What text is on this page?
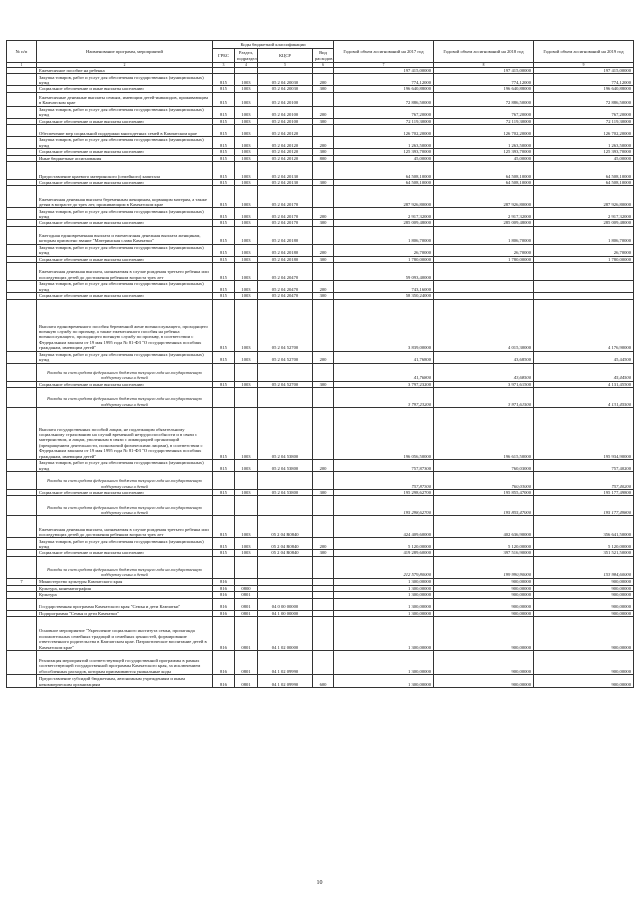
№ п/п	Наименование программ, мероприятий	Коды бюджетной классификации				Годовой объем ассигнований на 2017 год	Годовой объем ассигнований на 2018 год	Годовой объем ассигнований на 2019 год
		ГРБС	Раздел, подраздел	КЦСР	Вид расходов			
1	2	3	4	5	6	7	8	9
	Ежемесячное пособие на ребенка					197 415,00000	197 415,00000	197 415,00000
	Закупка товаров, работ и услуг для обеспечения государственных (муниципальных) нужд	815	1003	05 2 04 20030	200	774,12000	774,12000	774,12000
	Социальное обеспечение и иные выплаты населению	815	1003	05 2 04 20030	300	196 640,88000	196 640,88000	196 640,88000
	Ежемесячные денежные выплаты семьям, имеющим детей-инвалидов, проживающим в Камчатском крае	815	1003	05 2 04 20100		72 886,50000	72 886,50000	72 886,50000
	Закупка товаров, работ и услуг для обеспечения государственных (муниципальных) нужд	815	1003	05 2 04 20100	200	767,20000	767,20000	767,20000
	Социальное обеспечение и иные выплаты населению	815	1003	05 2 04 20100	300	72 119,30000	72 119,30000	72 119,30000
	Обеспечение мер социальной поддержки многодетных семей в Камчатском крае	815	1003	05 2 04 20120		126 702,20000	126 702,20000	126 702,20000
	Закупка товаров, работ и услуг для обеспечения государственных (муниципальных) нужд	815	1003	05 2 04 20120	200	1 263,50000	1 263,50000	1 263,50000
	Социальное обеспечение и иные выплаты населению	815	1003	05 2 04 20120	300	125 393,70000	125 393,70000	125 393,70000
	Иные бюджетные ассигнования	815	1003	05 2 04 20120	800	45,00000	45,00000	45,00000
	Предоставление краевого материнского (семейного) капитала	815	1003	05 2 04 20130		64 508,10000	64 508,10000	64 508,10000
	Социальное обеспечение и иные выплаты населению	815	1003	05 2 04 20130	300	64 508,10000	64 508,10000	64 508,10000
	Ежемесячная денежная выплата беременным женщинам, кормящим матерям, а также детям в возрасте до трех лет, проживающим в Камчатском крае	815	1003	05 2 04 20170		287 926,80000	287 926,80000	287 926,80000
	Закупка товаров, работ и услуг для обеспечения государственных (муниципальных) нужд	815	1003	05 2 04 20170	200	2 917,32000	2 917,32000	2 917,32000
	Социальное обеспечение и иные выплаты населению	815	1003	05 2 04 20170	300	285 009,48000	285 009,48000	285 009,48000
	Ежегодная единовременная выплата и ежемесячная денежная выплата женщинам, которым присвоено звание "Материнская слава Камчатки"	815	1003	05 2 04 20180		1 806,70000	1 806,70000	1 806,70000
	Закупка товаров, работ и услуг для обеспечения государственных (муниципальных) нужд	815	1003	05 2 04 20180	200	26,70000	26,70000	26,70000
	Социальное обеспечение и иные выплаты населению	815	1003	05 2 04 20180	300	1 780,00000	1 780,00000	1 780,00000
	Ежемесячная денежная выплата, назначаемая в случае рождения третьего ребенка или последующих детей до достижения ребенком возраста трех лет	815	1003	05 2 04 20470		59 093,40000		
	Закупка товаров, работ и услуг для обеспечения государственных (муниципальных) нужд	815	1003	05 2 04 20470	200	743,16000		
	Социальное обеспечение и иные выплаты населению	815	1003	05 2 04 20470	300	58 350,24000		
	Выплата единовременного пособия беременной жене военнослужащего, проходящего военную службу по призыву, а также ежемесячного пособия на ребенка военнослужащего, проходящего военную службу по призыву, в соответствии с Федеральным законом от 19 мая 1995 года № 81-ФЗ "О государственных пособиях гражданам, имеющим детей"	815	1003	05 2 04 52700		3 839,00000	4 015,30000	4 176,90000
	Закупка товаров, работ и услуг для обеспечения государственных (муниципальных) нужд	815	1003	05 2 04 52700	200	41,76800	43,68500	45,44500
	Расходы за счет средств федерального бюджета текущего года на государственную поддержку семьи и детей					41,76800	43,68500	45,44500
	Социальное обеспечение и иные выплаты населению	815	1003	05 2 04 52700	300	3 797,23200	3 971,61500	4 131,45500
	Расходы за счет средств федерального бюджета текущего года на государственную поддержку семьи и детей					3 797,23200	3 971,61500	4 131,45500
	Выплата государственных пособий лицам, не подлежащим обязательному социальному страхованию на случай временной нетрудоспособности и в связи с материнством, и лицам, уволенным в связи с ликвидацией организаций (прекращением деятельности, полномочий физическими лицами), в соответствии с Федеральным законом от 19 мая 1995 года № 81-ФЗ "О государственных пособиях гражданам, имеющим детей"	815	1003	05 2 04 53800		196 056,50000	196 615,50000	195 934,90000
	Закупка товаров, работ и услуг для обеспечения государственных (муниципальных) нужд	815	1003	05 2 04 53800	200	757,87300	760,03000	757,40200
	Расходы за счет средств федерального бюджета текущего года на государственную поддержку семьи и детей					757,87300	760,03000	757,40200
	Социальное обеспечение и иные выплаты населению	815	1003	05 2 04 53800	300	195 298,62700	195 855,47000	195 177,49800
	Расходы за счет средств федерального бюджета текущего года на государственную поддержку семьи и детей					195 298,62700	195 855,47000	195 177,49800
	Ежемесячная денежная выплата, назначаемая в случае рождения третьего ребенка или последующих детей до достижения ребенком возраста трех лет	815	1003	05 2 04 R0840		424 409,60000	402 636,90000	356 641,50000
	Закупка товаров, работ и услуг для обеспечения государственных (муниципальных) нужд	815	1003	05 2 04 R0840	200	5 120,00000	5 120,00000	5 120,00000
	Социальное обеспечение и иные выплаты населению	815	1003	05 2 04 R0840	300	419 289,60000	397 516,90000	351 521,50000
	Расходы за счет средств федерального бюджета текущего года на государственную поддержку семьи и детей					212 579,80000	199 990,90000	153 984,60000
7	Министерство культуры Камчатского края	816				1 300,00000	900,00000	900,00000
	Культура, кинематография	816	0800			1 300,00000	900,00000	900,00000
	Культура	816	0801			1 300,00000	900,00000	900,00000
	Государственная программа Камчатского края "Семья и дети Камчатки"	816	0801	04 0 00 00000		1 300,00000	900,00000	900,00000
	Подпрограмма "Семья и дети Камчатки"	816	0801	04 1 00 00000		1 300,00000	900,00000	900,00000
	Основное мероприятие "Укрепление социального института семьи, пропаганда положительных семейных традиций и семейных ценностей, формирование ответственного родительства в Камчатском крае. Патриотическое воспитание детей в Камчатском крае"	816	0801	04 1 02 00000		1 300,00000	900,00000	900,00000
	Реализация мероприятий соответствующей государственной программы в рамках соответствующей государственной программы Камчатского края, за исключением обособленных расходов, которым присваиваются уникальные коды	816	0801	04 1 02 09990		1 300,00000	900,00000	900,00000
	Предоставление субсидий бюджетным, автономным учреждениям и иным некоммерческим организациям	816	0801	04 1 02 09990	600	1 300,00000	900,00000	900,00000
10
